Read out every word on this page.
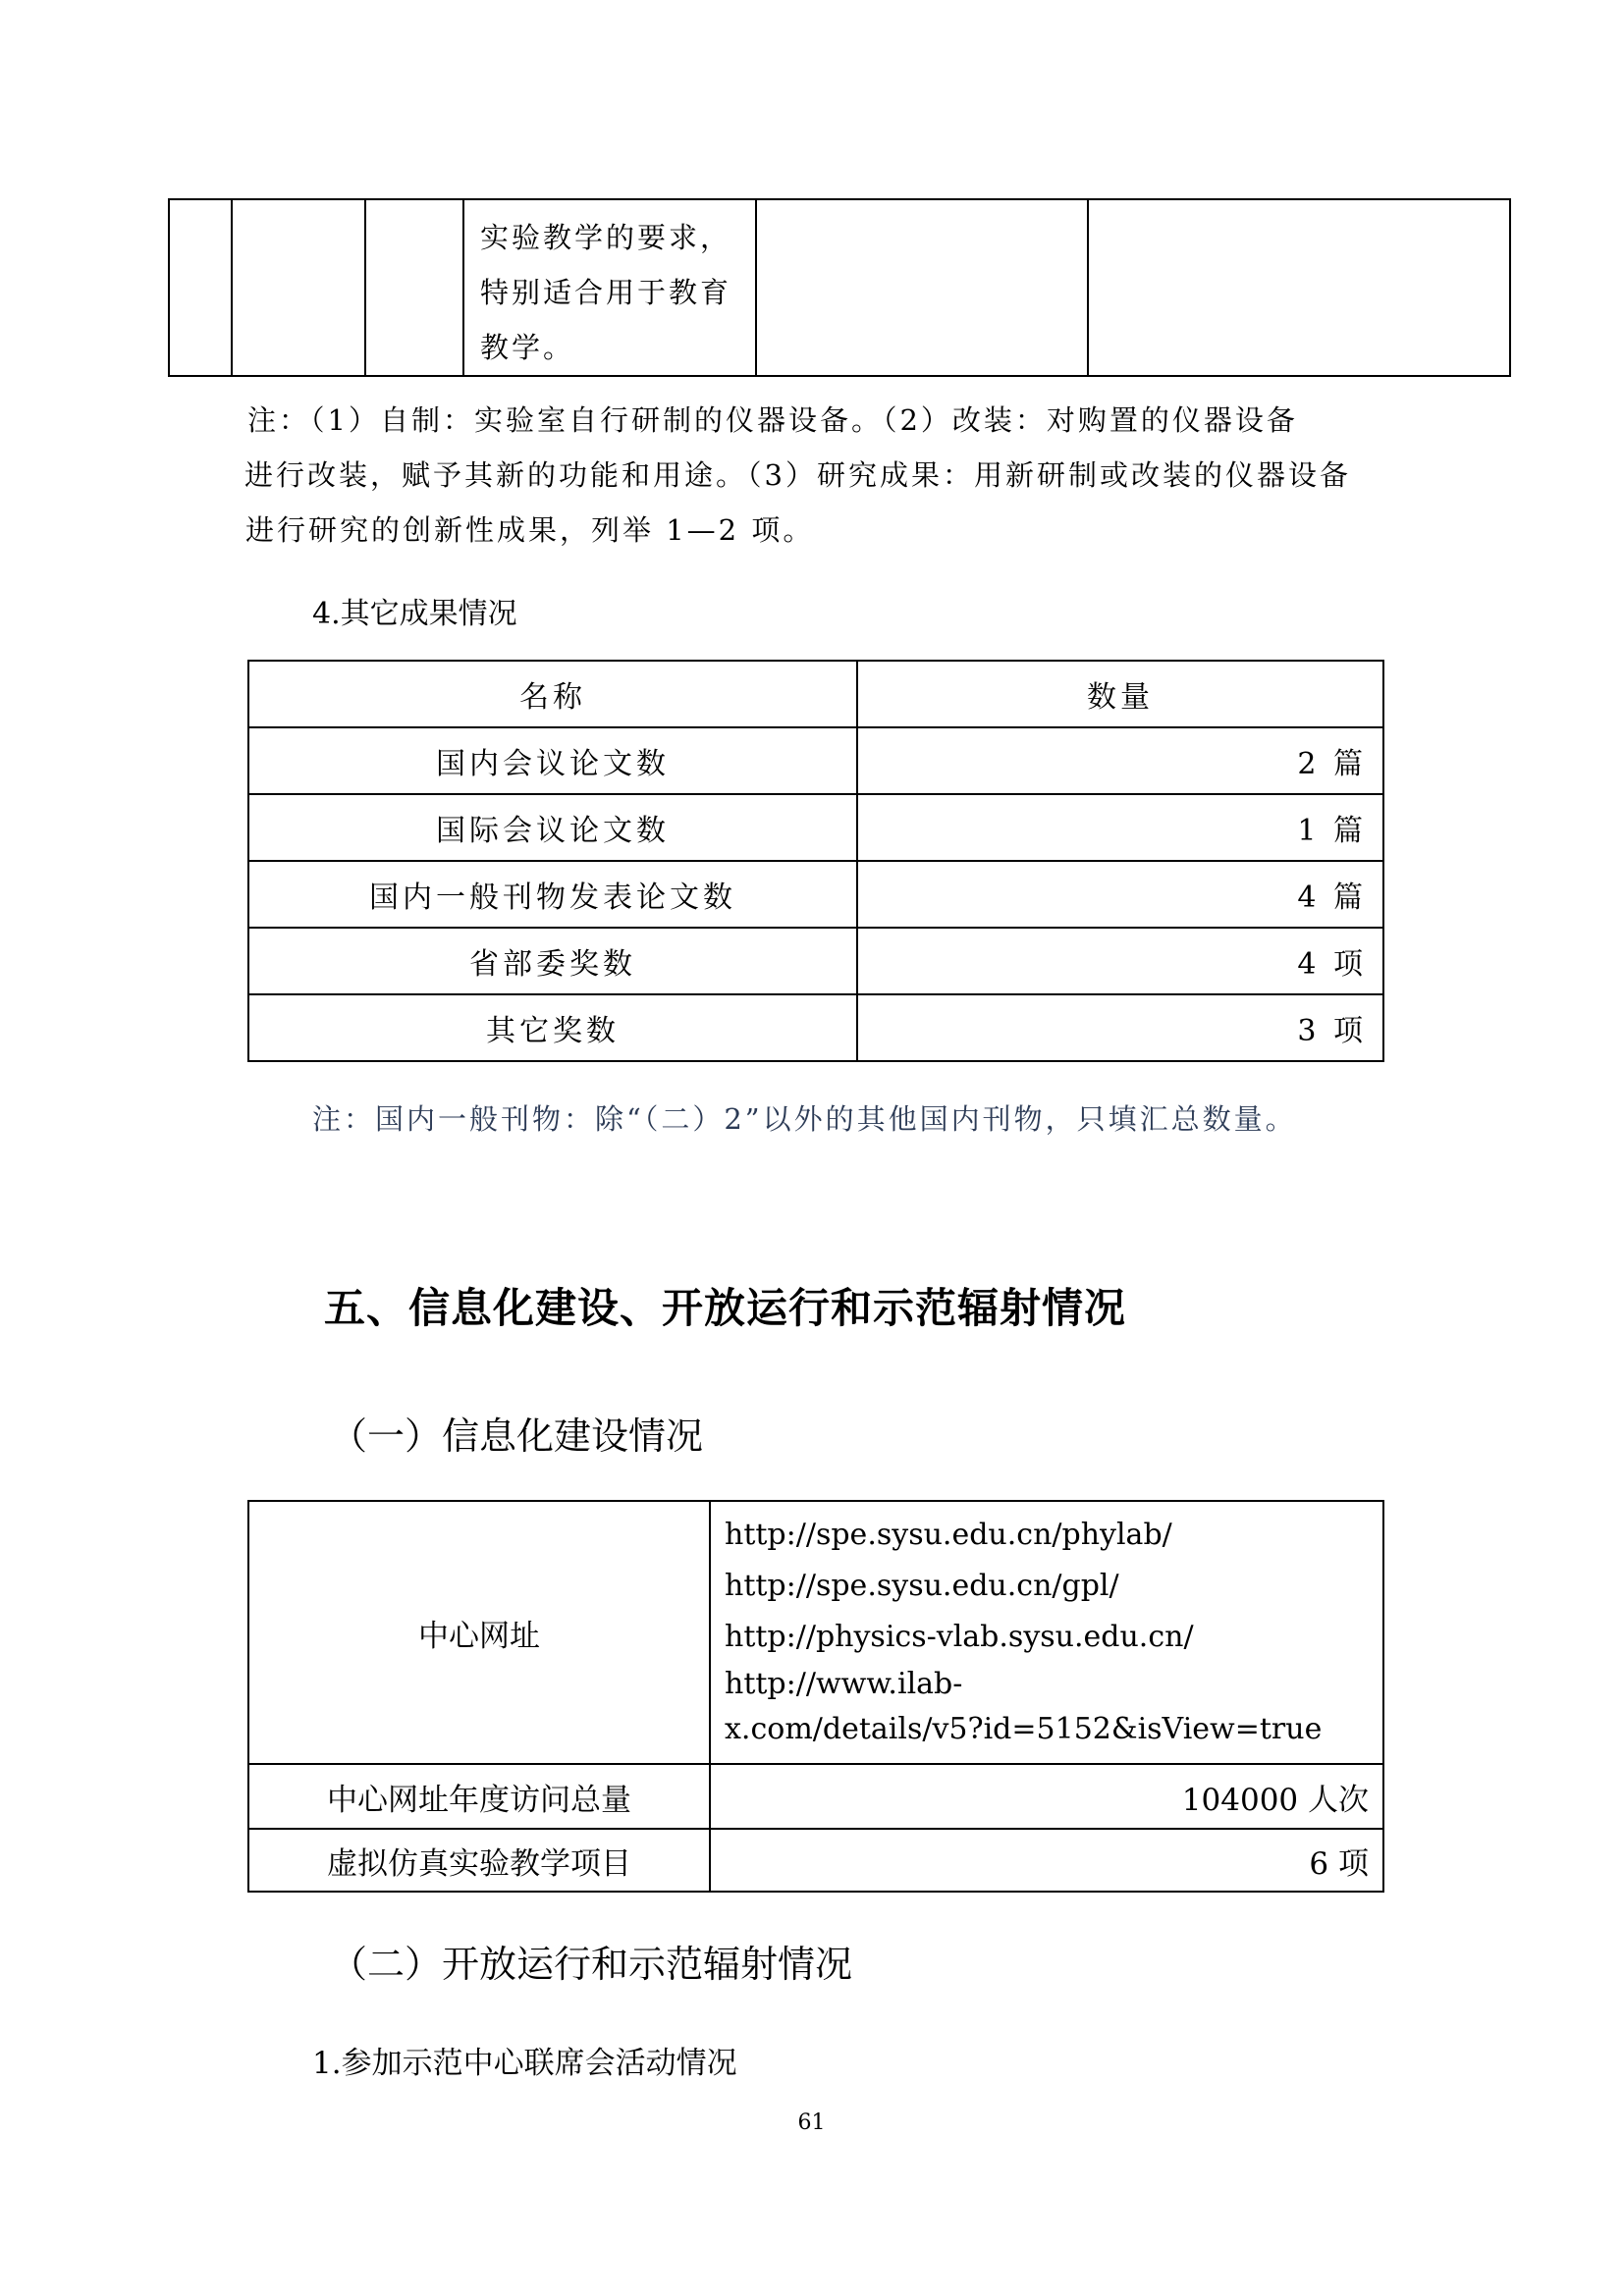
实验教学的要求，
特别适合用于教育
教学。

注：（1）自制：实验室自行研制的仪器设备。（2）改装：对购置的仪器设备
进行改装，赋予其新的功能和用途。（3）研究成果：用新研制或改装的仪器设备
进行研究的创新性成果，列举 1—2 项。
4.其它成果情况
名称	数量
国内会议论文数	2 篇
国际会议论文数	1 篇
国内一般刊物发表论文数	4 篇
省部委奖数	4 项
其它奖数	3 项
注：国内一般刊物：除“（二）2”以外的其他国内刊物，只填汇总数量。
五、信息化建设、开放运行和示范辐射情况
（一）信息化建设情况
中心网址	http://spe.sysu.edu.cn/phylab/
http://spe.sysu.edu.cn/gpl/
http://physics-vlab.sysu.edu.cn/
http://www.ilab-
x.com/details/v5?id=5152&isView=true

中心网址年度访问总量	104000 人次
虚拟仿真实验教学项目	6 项
（二）开放运行和示范辐射情况
1.参加示范中心联席会活动情况
61
